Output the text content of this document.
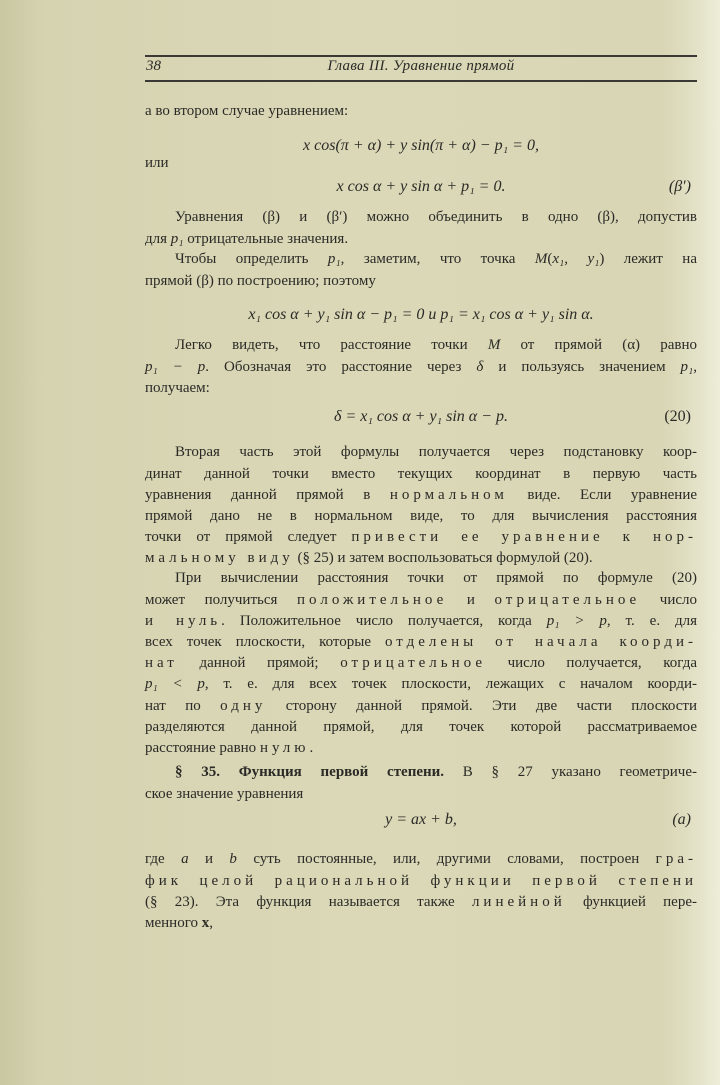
38	Глава III. Уравнение прямой
а во втором случае уравнением:
x cos(π + α) + y sin(π + α) − p₁ = 0,
или
x cos α + y sin α + p₁ = 0.	(β′)
Уравнения (β) и (β′) можно объединить в одно (β), допустив
для p₁ отрицательные значения.
Чтобы определить p₁, заметим, что точка M(x₁, y₁) лежит на
прямой (β) по построению; поэтому
x₁ cos α + y₁ sin α − p₁ = 0 и p₁ = x₁ cos α + y₁ sin α.
Легко видеть, что расстояние точки M от прямой (α) равно
p₁ − p. Обозначая это расстояние через δ и пользуясь значением p₁,
получаем:
δ = x₁ cos α + y₁ sin α − p.	(20)
Вторая часть этой формулы получается через подстановку коор-
динат данной точки вместо текущих координат в первую часть
уравнения данной прямой в нормальном виде. Если уравнение
прямой дано не в нормальном виде, то для вычисления расстояния
точки от прямой следует привести ее уравнение к нор-
мальному виду (§ 25) и затем воспользоваться формулой (20).
При вычислении расстояния точки от прямой по формуле (20)
может получиться положительное и отрицательное число
и нуль. Положительное число получается, когда p₁ > p, т. е. для
всех точек плоскости, которые отделены от начала коорди-
нат данной прямой; отрицательное число получается, когда
p₁ < p, т. е. для всех точек плоскости, лежащих с началом коорди-
нат по одну сторону данной прямой. Эти две части плоскости
разделяются данной прямой, для точек которой рассматриваемое
расстояние равно нулю.
§ 35. Функция первой степени. В § 27 указано геометриче-
ское значение уравнения
y = ax + b,	(a)
где a и b суть постоянные, или, другими словами, построен гра-
фик целой рациональной функции первой степени
(§ 23). Эта функция называется также линейной функцией пере-
менного x,
